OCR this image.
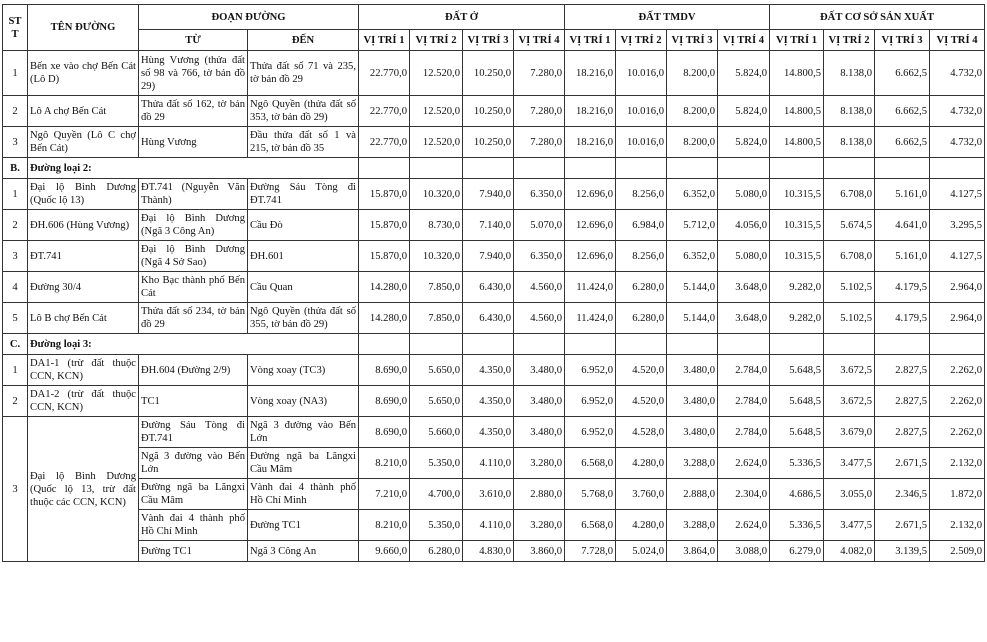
STT	TÊN ĐƯỜNG	ĐOẠN ĐƯỜNG		ĐẤT Ở				ĐẤT TMDV				ĐẤT CƠ SỞ SẢN XUẤT			
		TỪ	ĐẾN	VỊ TRÍ 1	VỊ TRÍ 2	VỊ TRÍ 3	VỊ TRÍ 4	VỊ TRÍ 1	VỊ TRÍ 2	VỊ TRÍ 3	VỊ TRÍ 4	VỊ TRÍ 1	VỊ TRÍ 2	VỊ TRÍ 3	VỊ TRÍ 4
1	Bến xe vào chợ Bến Cát (Lô D)	Hùng Vương (thửa đất số 98 và 766, tờ bản đồ 29)	Thửa đất số 71 và 235, tờ bản đồ 29	22.770,0	12.520,0	10.250,0	7.280,0	18.216,0	10.016,0	8.200,0	5.824,0	14.800,5	8.138,0	6.662,5	4.732,0
2	Lô A chợ Bến Cát	Thửa đất số 162, tờ bản đồ 29	Ngô Quyền (thửa đất số 353, tờ bản đồ 29)	22.770,0	12.520,0	10.250,0	7.280,0	18.216,0	10.016,0	8.200,0	5.824,0	14.800,5	8.138,0	6.662,5	4.732,0
3	Ngô Quyền (Lô C chợ Bến Cát)	Hùng Vương	Đầu thửa đất số 1 và 215, tờ bản đồ 35	22.770,0	12.520,0	10.250,0	7.280,0	18.216,0	10.016,0	8.200,0	5.824,0	14.800,5	8.138,0	6.662,5	4.732,0
B.	Đường loại 2:														
1	Đại lộ Bình Dương (Quốc lộ 13)	ĐT.741 (Nguyễn Văn Thành)	Đường Sáu Tòng đi ĐT.741	15.870,0	10.320,0	7.940,0	6.350,0	12.696,0	8.256,0	6.352,0	5.080,0	10.315,5	6.708,0	5.161,0	4.127,5
2	ĐH.606 (Hùng Vương)	Đại lộ Bình Dương (Ngã 3 Công An)	Cầu Đò	15.870,0	8.730,0	7.140,0	5.070,0	12.696,0	6.984,0	5.712,0	4.056,0	10.315,5	5.674,5	4.641,0	3.295,5
3	ĐT.741	Đại lộ Bình Dương (Ngã 4 Sở Sao)	ĐH.601	15.870,0	10.320,0	7.940,0	6.350,0	12.696,0	8.256,0	6.352,0	5.080,0	10.315,5	6.708,0	5.161,0	4.127,5
4	Đường 30/4	Kho Bạc thành phố Bến Cát	Cầu Quan	14.280,0	7.850,0	6.430,0	4.560,0	11.424,0	6.280,0	5.144,0	3.648,0	9.282,0	5.102,5	4.179,5	2.964,0
5	Lô B chợ Bến Cát	Thửa đất số 234, tờ bản đồ 29	Ngô Quyền (thửa đất số 355, tờ bản đồ 29)	14.280,0	7.850,0	6.430,0	4.560,0	11.424,0	6.280,0	5.144,0	3.648,0	9.282,0	5.102,5	4.179,5	2.964,0
C.	Đường loại 3:														
1	DA1-1 (trừ đất thuộc CCN, KCN)	ĐH.604 (Đường 2/9)	Vòng xoay (TC3)	8.690,0	5.650,0	4.350,0	3.480,0	6.952,0	4.520,0	3.480,0	2.784,0	5.648,5	3.672,5	2.827,5	2.262,0
2	DA1-2 (trừ đất thuộc CCN, KCN)	TC1	Vòng xoay (NA3)	8.690,0	5.650,0	4.350,0	3.480,0	6.952,0	4.520,0	3.480,0	2.784,0	5.648,5	3.672,5	2.827,5	2.262,0
3	Đại lộ Bình Dương (Quốc lộ 13, trừ đất thuộc các CCN, KCN)	Đường Sáu Tòng đi ĐT.741	Ngã 3 đường vào Bến Lớn	8.690,0	5.660,0	4.350,0	3.480,0	6.952,0	4.528,0	3.480,0	2.784,0	5.648,5	3.679,0	2.827,5	2.262,0
		Ngã 3 đường vào Bến Lớn	Đường ngã ba Lăngxi Cầu Mâm	8.210,0	5.350,0	4.110,0	3.280,0	6.568,0	4.280,0	3.288,0	2.624,0	5.336,5	3.477,5	2.671,5	2.132,0
		Đường ngã ba Lăngxi Cầu Mâm	Vành đai 4 thành phố Hồ Chí Minh	7.210,0	4.700,0	3.610,0	2.880,0	5.768,0	3.760,0	2.888,0	2.304,0	4.686,5	3.055,0	2.346,5	1.872,0
		Vành đai 4 thành phố Hồ Chí Minh	Đường TC1	8.210,0	5.350,0	4.110,0	3.280,0	6.568,0	4.280,0	3.288,0	2.624,0	5.336,5	3.477,5	2.671,5	2.132,0
		Đường TC1	Ngã 3 Công An	9.660,0	6.280,0	4.830,0	3.860,0	7.728,0	5.024,0	3.864,0	3.088,0	6.279,0	4.082,0	3.139,5	2.509,0
